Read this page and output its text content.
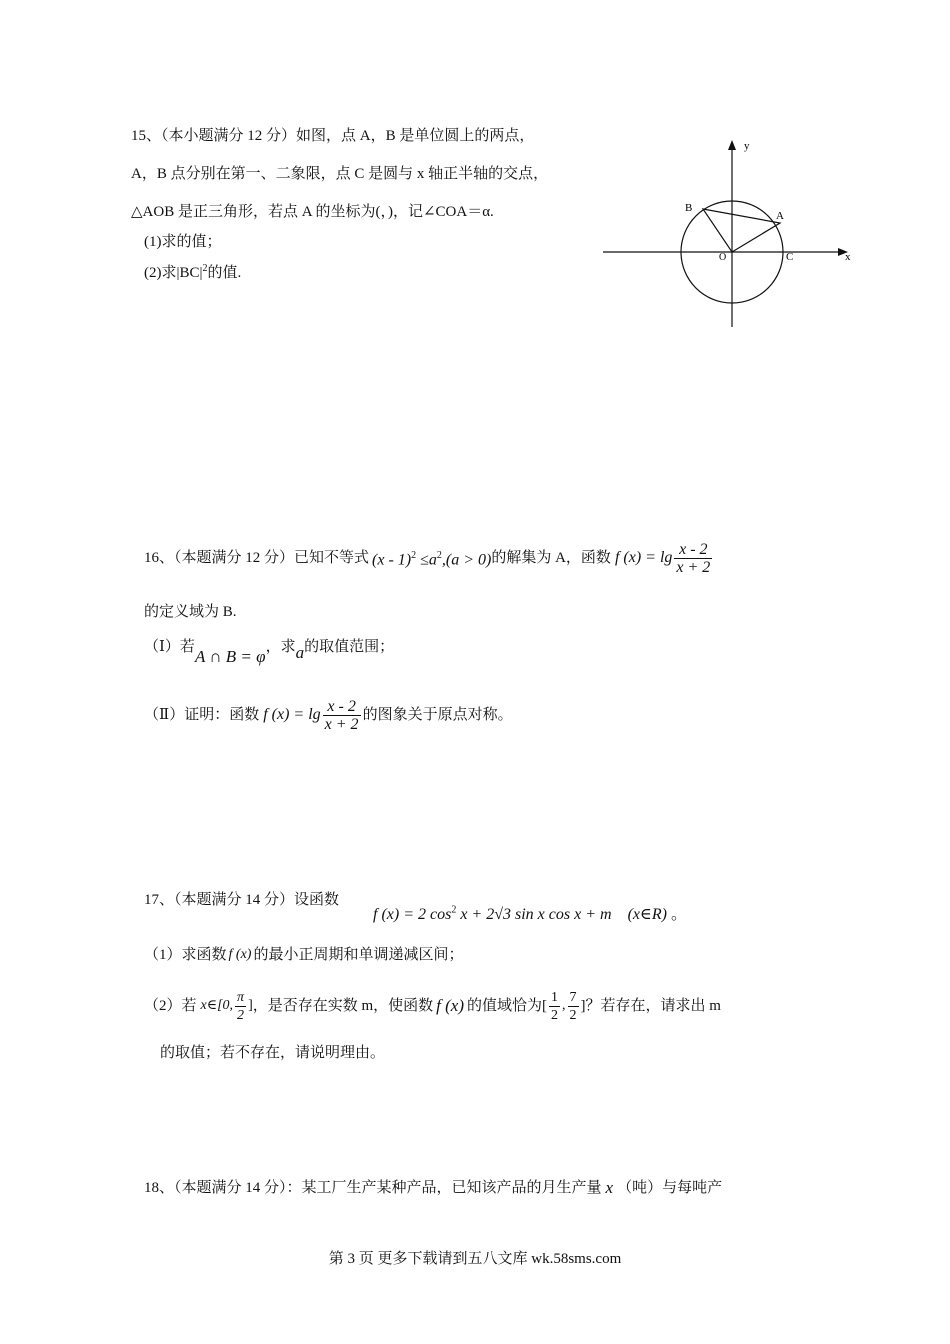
15、（本小题满分 12 分）如图，点 A，B 是单位圆上的两点，
A，B 点分别在第一、二象限，点 C 是圆与 x 轴正半轴的交点，
△AOB 是正三角形，若点 A 的坐标为(，)，记∠COA＝α.
(1)求的值；
(2)求$|BC|^2$的值.
y
x
B
A
O	C
16、（本题满分 12 分）已知不等式 $(x - 1)^2 \le a^2,(a > 0)$ 的解集为 A，函数 f $(x) = \lg \frac{x - 2}{x + 2}$
的定义域为 B.
（Ⅰ）若 A ∩ B = φ ，求 a 的取值范围；
（Ⅱ）证明：函数 f $(x) = \lg \frac{x - 2}{x + 2}$ 的图象关于原点对称。
17、（本题满分 14 分）设函数
f (x) = 2 $\cos^2 x + 2√3$ sin x cos x + m (x∈R) 。
（1）求函数 f (x) 的最小正周期和单调递减区间；
（2）若 x∈[0, $\frac{\pi}{2}$ ] ，是否存在实数 m，使函数 f (x) 的值域恰为[ $\frac{1}{2}$ , $\frac{7}{2}$ ]？若存在，请求出 m
的取值；若不存在，请说明理由。
18、（本题满分 14 分）：某工厂生产某种产品，已知该产品的月生产量 x （吨）与每吨产
第 3 页 更多下载请到五八文库 wk.58sms.com
